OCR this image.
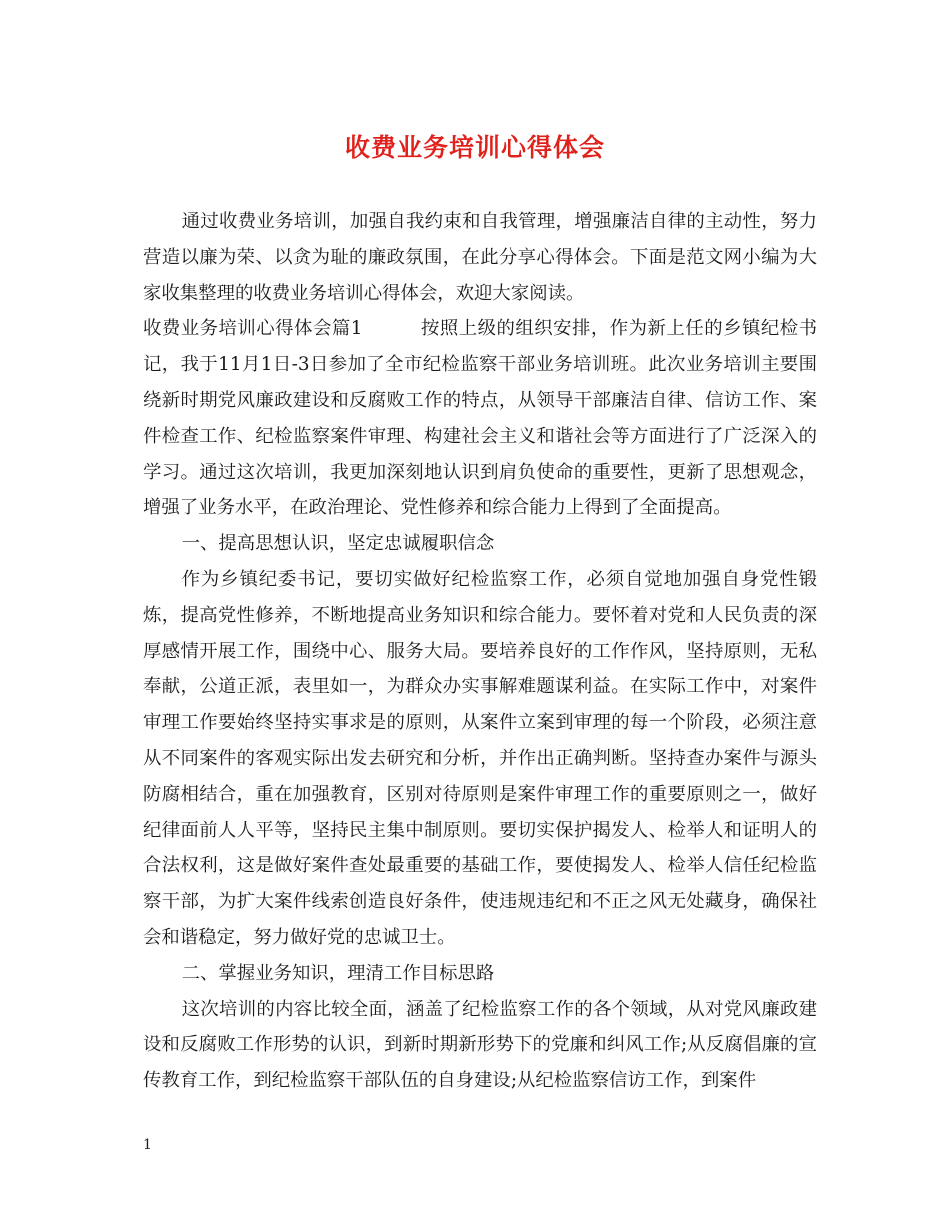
收费业务培训心得体会

通过收费业务培训，加强自我约束和自我管理，增强廉洁自律的主动性，努力营造以廉为荣、以贪为耻的廉政氛围，在此分享心得体会。下面是范文网小编为大家收集整理的收费业务培训心得体会，欢迎大家阅读。

收费业务培训心得体会篇1	按照上级的组织安排，作为新上任的乡镇纪检书记，我于11月1日-3日参加了全市纪检监察干部业务培训班。此次业务培训主要围绕新时期党风廉政建设和反腐败工作的特点，从领导干部廉洁自律、信访工作、案件检查工作、纪检监察案件审理、构建社会主义和谐社会等方面进行了广泛深入的学习。通过这次培训，我更加深刻地认识到肩负使命的重要性，更新了思想观念，增强了业务水平，在政治理论、党性修养和综合能力上得到了全面提高。

一、提高思想认识，坚定忠诚履职信念

作为乡镇纪委书记，要切实做好纪检监察工作，必须自觉地加强自身党性锻炼，提高党性修养，不断地提高业务知识和综合能力。要怀着对党和人民负责的深厚感情开展工作，围绕中心、服务大局。要培养良好的工作作风，坚持原则，无私奉献，公道正派，表里如一，为群众办实事解难题谋利益。在实际工作中，对案件审理工作要始终坚持实事求是的原则，从案件立案到审理的每一个阶段，必须注意从不同案件的客观实际出发去研究和分析，并作出正确判断。坚持查办案件与源头防腐相结合，重在加强教育，区别对待原则是案件审理工作的重要原则之一，做好纪律面前人人平等，坚持民主集中制原则。要切实保护揭发人、检举人和证明人的合法权利，这是做好案件查处最重要的基础工作，要使揭发人、检举人信任纪检监察干部，为扩大案件线索创造良好条件，使违规违纪和不正之风无处藏身，确保社会和谐稳定，努力做好党的忠诚卫士。

二、掌握业务知识，理清工作目标思路

这次培训的内容比较全面，涵盖了纪检监察工作的各个领域，从对党风廉政建设和反腐败工作形势的认识，到新时期新形势下的党廉和纠风工作;从反腐倡廉的宣传教育工作，到纪检监察干部队伍的自身建设;从纪检监察信访工作，到案件

1
